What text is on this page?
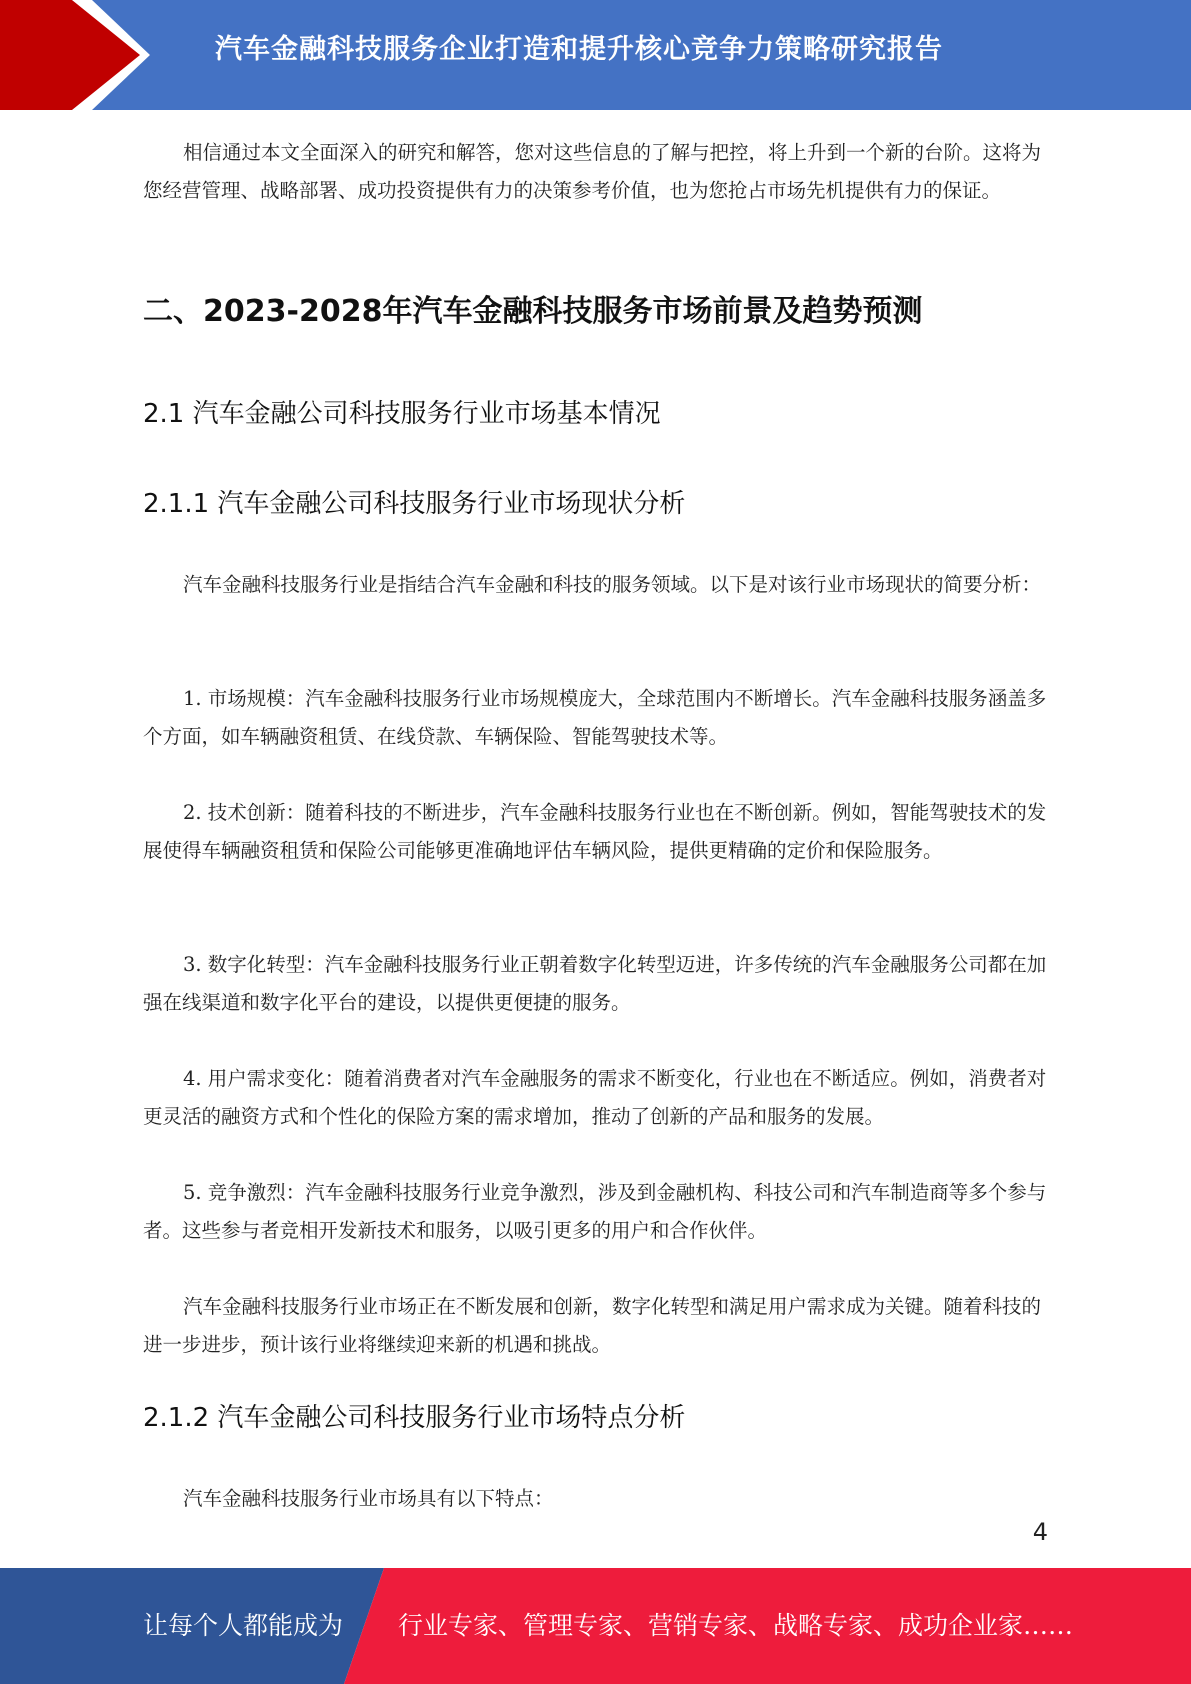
汽车金融科技服务企业打造和提升核心竞争力策略研究报告

相信通过本文全面深入的研究和解答，您对这些信息的了解与把控，将上升到一个新的台阶。这将为您经营管理、战略部署、成功投资提供有力的决策参考价值，也为您抢占市场先机提供有力的保证。

二、2023-2028年汽车金融科技服务市场前景及趋势预测
2.1 汽车金融公司科技服务行业市场基本情况
2.1.1 汽车金融公司科技服务行业市场现状分析

汽车金融科技服务行业是指结合汽车金融和科技的服务领域。以下是对该行业市场现状的简要分析：

1. 市场规模：汽车金融科技服务行业市场规模庞大，全球范围内不断增长。汽车金融科技服务涵盖多个方面，如车辆融资租赁、在线贷款、车辆保险、智能驾驶技术等。

2. 技术创新：随着科技的不断进步，汽车金融科技服务行业也在不断创新。例如，智能驾驶技术的发展使得车辆融资租赁和保险公司能够更准确地评估车辆风险，提供更精确的定价和保险服务。

3. 数字化转型：汽车金融科技服务行业正朝着数字化转型迈进，许多传统的汽车金融服务公司都在加强在线渠道和数字化平台的建设，以提供更便捷的服务。

4. 用户需求变化：随着消费者对汽车金融服务的需求不断变化，行业也在不断适应。例如，消费者对更灵活的融资方式和个性化的保险方案的需求增加，推动了创新的产品和服务的发展。

5. 竞争激烈：汽车金融科技服务行业竞争激烈，涉及到金融机构、科技公司和汽车制造商等多个参与者。这些参与者竞相开发新技术和服务，以吸引更多的用户和合作伙伴。

汽车金融科技服务行业市场正在不断发展和创新，数字化转型和满足用户需求成为关键。随着科技的进一步进步，预计该行业将继续迎来新的机遇和挑战。

2.1.2 汽车金融公司科技服务行业市场特点分析

汽车金融科技服务行业市场具有以下特点：

4
让每个人都能成为 行业专家、管理专家、营销专家、战略专家、成功企业家……
